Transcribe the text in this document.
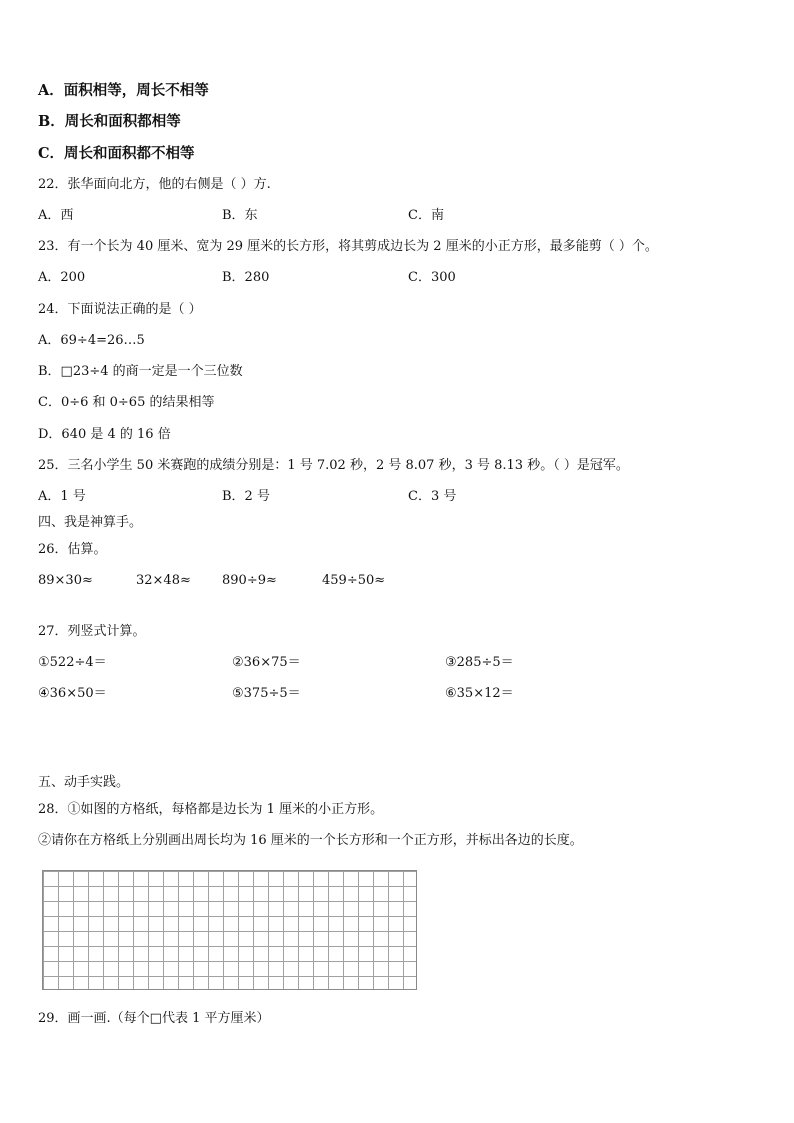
A．面积相等，周长不相等
B．周长和面积都相等
C．周长和面积都不相等
22．张华面向北方，他的右侧是（ ）方.
A．西	B．东	C．南
23．有一个长为 40 厘米、宽为 29 厘米的长方形，将其剪成边长为 2 厘米的小正方形，最多能剪（ ）个。
A．200	B．280	C．300
24．下面说法正确的是（ ）
A．69÷4=26…5
B．□23÷4 的商一定是一个三位数
C．0÷6 和 0÷65 的结果相等
D．640 是 4 的 16 倍
25．三名小学生 50 米赛跑的成绩分别是：1 号 7.02 秒，2 号 8.07 秒，3 号 8.13 秒。（ ）是冠军。
A．1 号	B．2 号	C．3 号
四、我是神算手。
26．估算。
89×30≈	32×48≈ 890÷9≈	459÷50≈
27．列竖式计算。
①522÷4＝	②36×75＝	③285÷5＝
④36×50＝	⑤375÷5＝	⑥35×12＝
五、动手实践。
28．①如图的方格纸，每格都是边长为 1 厘米的小正方形。
②请你在方格纸上分别画出周长均为 16 厘米的一个长方形和一个正方形，并标出各边的长度。
29．画一画.（每个□代表 1 平方厘米）
